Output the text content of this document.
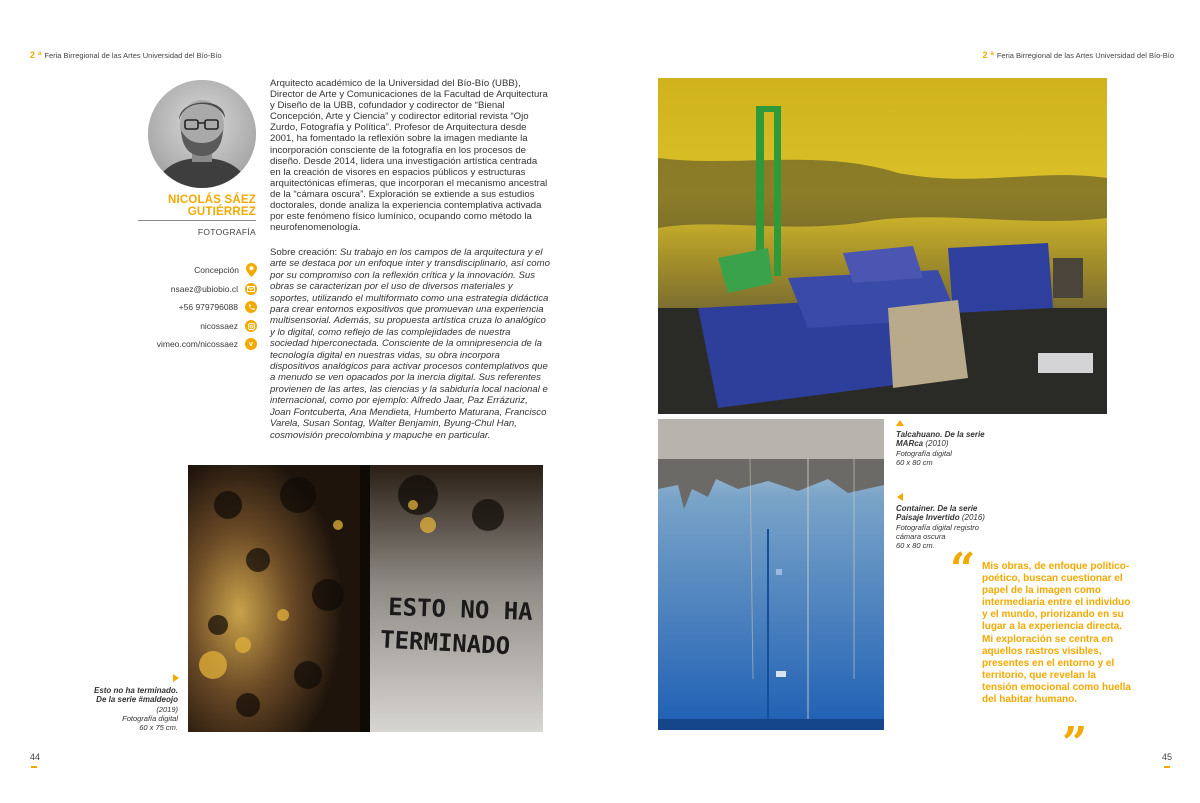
2 $^a$ Feria Birregional de las Artes Universidad del Bío-Bío	2 $^a$ Feria Birregional de las Artes Universidad del Bío-Bío
NICOLÁS SÁEZ
GUTIÉRREZ
FOTOGRAFÍA
Concepción
nsaez@ubiobio.cl
+56 979796088
nicossaez
vimeo.com/nicossaez	v
Arquitecto académico de la Universidad del Bío-Bío (UBB), Director de Arte y Comunicaciones de la Facultad de Arquitectura y Diseño de la UBB, cofundador y codirector de “Bienal Concepción, Arte y Ciencia” y codirector editorial revista “Ojo Zurdo, Fotografía y Política”. Profesor de Arquitectura desde 2001, ha fomentado la reflexión sobre la imagen mediante la incorporación consciente de la fotografía en los procesos de diseño. Desde 2014, lidera una investigación artística centrada en la creación de visores en espacios públicos y estructuras arquitectónicas efímeras, que incorporan el mecanismo ancestral de la “cámara oscura”. Exploración se extiende a sus estudios doctorales, donde analiza la experiencia contemplativa activada por este fenómeno físico lumínico, ocupando como método la neurofenomenología.
Sobre creación: Su trabajo en los campos de la arquitectura y el arte se destaca por un enfoque inter y transdisciplinario, así como por su compromiso con la reflexión crítica y la innovación. Sus obras se caracterizan por el uso de diversos materiales y soportes, utilizando el multiformato como una estrategia didáctica para crear entornos expositivos que promuevan una experiencia multisensorial. Además, su propuesta artística cruza lo analógico y lo digital, como reflejo de las complejidades de nuestra sociedad hiperconectada. Consciente de la omnipresencia de la tecnología digital en nuestras vidas, su obra incorpora dispositivos analógicos para activar procesos contemplativos que a menudo se ven opacados por la inercia digital. Sus referentes provienen de las artes, las ciencias y la sabiduría local nacional e internacional, como por ejemplo: Alfredo Jaar, Paz Errázuriz, Joan Fontcuberta, Ana Mendieta, Humberto Maturana, Francisco Varela, Susan Sontag, Walter Benjamin, Byung-Chul Han, cosmovisión precolombina y mapuche en particular.
ESTO NO HA
TERMINADO
Esto no ha terminado.
De la serie #maldeojo
(2019)
Fotografía digital
60 x 75 cm.
Talcahuano. De la serie
MARca (2010)
Fotografía digital
60 x 80 cm
Container. De la serie
Paisaje Invertido (2016)
Fotografía digital registro
cámara oscura
60 x 80 cm. “ Mis obras, de enfoque político-poético, buscan cuestionar el papel de la imagen como intermediaria entre el individuo y el mundo, priorizando en su lugar a la experiencia directa. Mi exploración se centra en aquellos rastros visibles, presentes en el entorno y el territorio, que revelan la tensión emocional como huella del habitar humano.
”
44	45
